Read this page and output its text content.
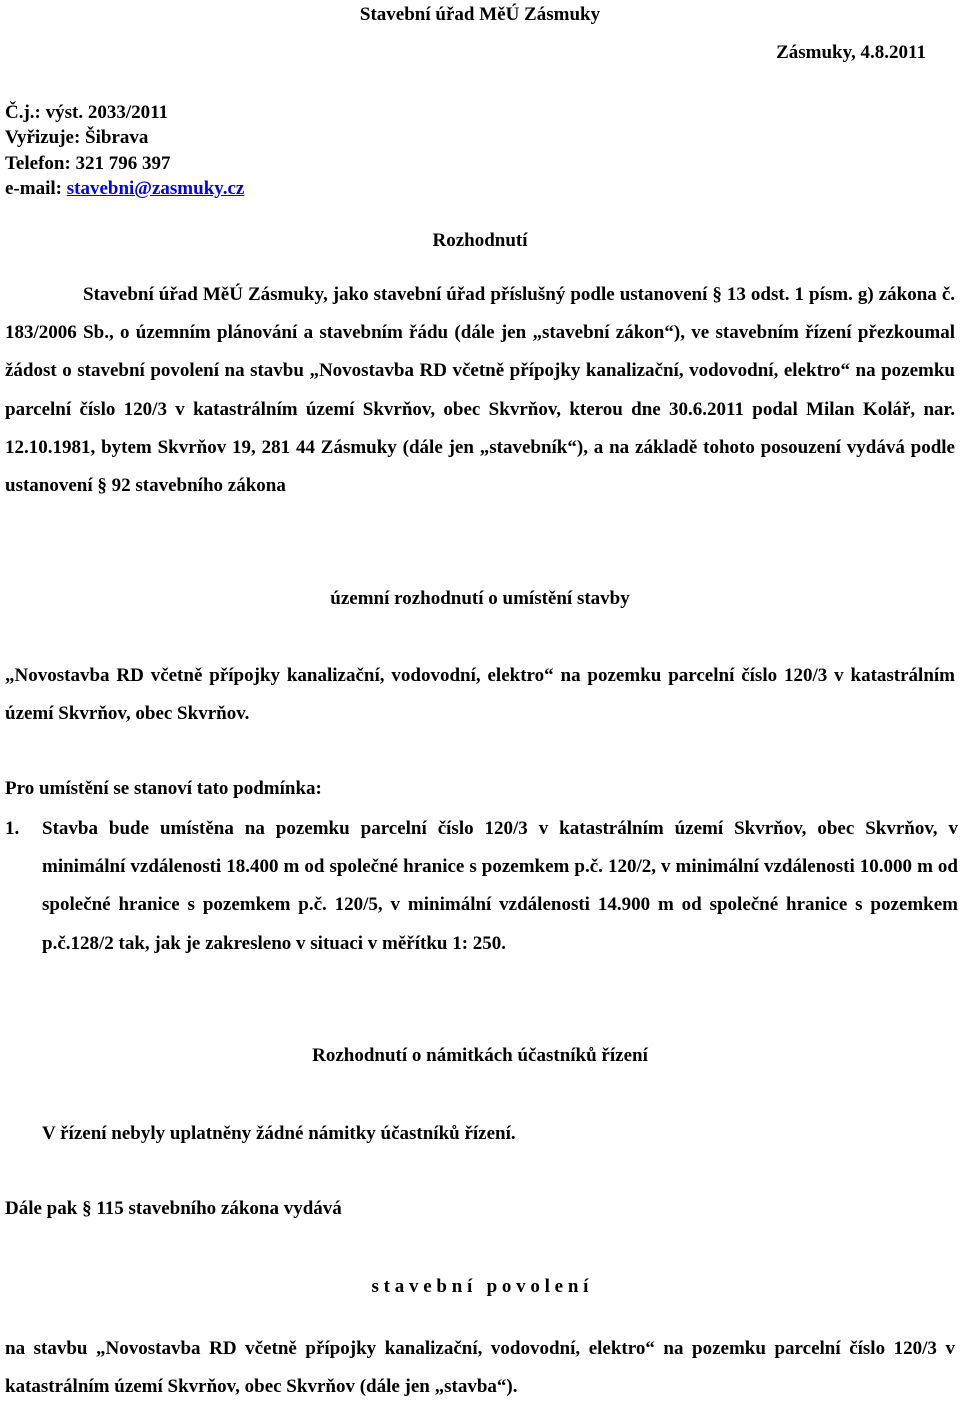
Stavební úřad MěÚ Zásmuky
Zásmuky, 4.8.2011
Č.j.: výst. 2033/2011
Vyřizuje: Šibrava
Telefon: 321 796 397
e-mail: stavebni@zasmuky.cz
Rozhodnutí
Stavební úřad MěÚ Zásmuky, jako stavební úřad příslušný podle ustanovení § 13 odst. 1 písm. g) zákona č. 183/2006 Sb., o územním plánování a stavebním řádu (dále jen „stavební zákon“), ve stavebním řízení přezkoumal žádost o stavební povolení na stavbu „Novostavba RD včetně přípojky kanalizační, vodovodní, elektro“ na pozemku parcelní číslo 120/3 v katastrálním území Skvrňov, obec Skvrňov, kterou dne 30.6.2011 podal Milan Kolář, nar. 12.10.1981, bytem Skvrňov 19, 281 44 Zásmuky (dále jen „stavebník“), a na základě tohoto posouzení vydává podle ustanovení § 92 stavebního zákona
územní rozhodnutí o umístění stavby
„Novostavba RD včetně přípojky kanalizační, vodovodní, elektro“ na pozemku parcelní číslo 120/3 v katastrálním území Skvrňov, obec Skvrňov.
Pro umístění se stanoví tato podmínka:
1. Stavba bude umístěna na pozemku parcelní číslo 120/3 v katastrálním území Skvrňov, obec Skvrňov, v minimální vzdálenosti 18.400 m od společné hranice s pozemkem p.č. 120/2, v minimální vzdálenosti 10.000 m od společné hranice s pozemkem p.č. 120/5, v minimální vzdálenosti 14.900 m od společné hranice s pozemkem p.č.128/2 tak, jak je zakresleno v situaci v měřítku 1: 250.
Rozhodnutí o námitkách účastníků řízení
V řízení nebyly uplatněny žádné námitky účastníků řízení.
Dále pak § 115 stavebního zákona vydává
s t a v e b n í   p o v o l e n í
na stavbu „Novostavba RD včetně přípojky kanalizační, vodovodní, elektro“ na pozemku parcelní číslo 120/3 v katastrálním území Skvrňov, obec Skvrňov (dále jen „stavba“).
